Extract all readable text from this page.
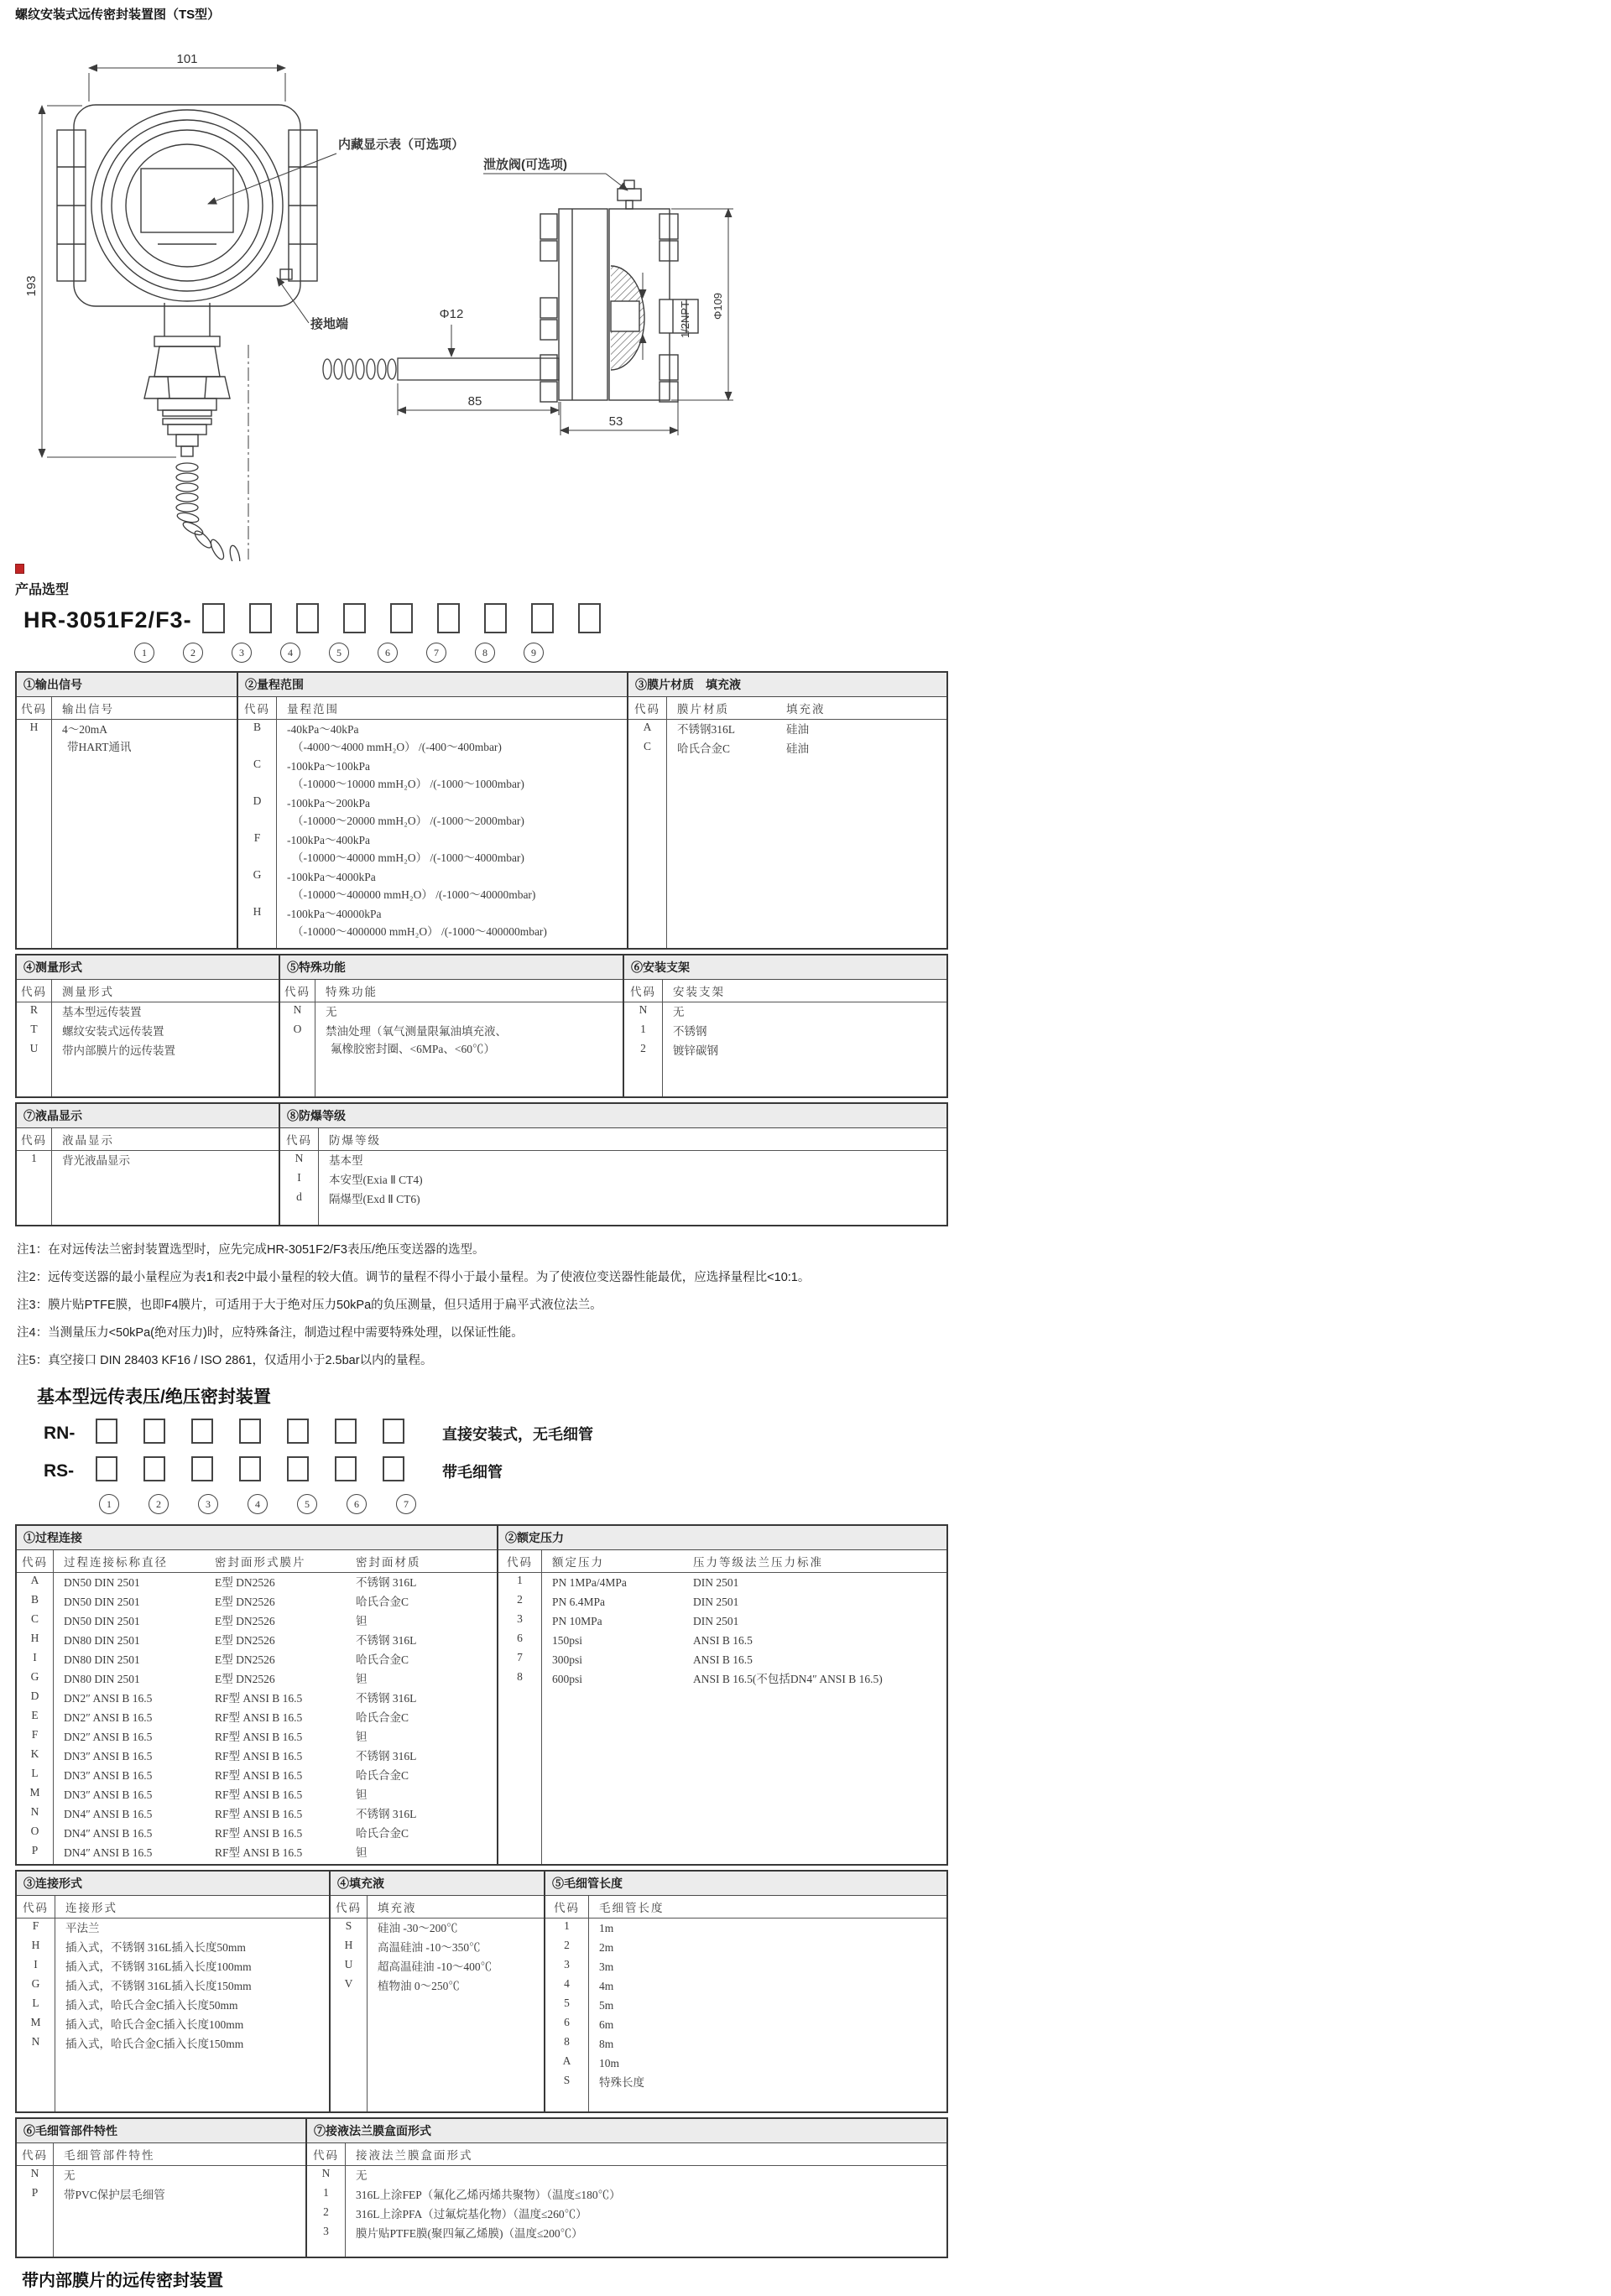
螺纹安装式远传密封装置图（TS型）
101
193
Φ12
85
1/2NPT Φ109
53
内藏显示表（可选项）
接地端
泄放阀(可选项)
产品选型
HR-3051F2/F3-
1	2	3	4	5	6	7	8	9
①输出信号
代码	输出信号
H	4～20mA
带HART通讯
②量程范围
代码	量程范围
B	-40kPa～40kPa
（-4000～4000 mmH₂O） /(-400～400mbar)
C	-100kPa～100kPa
（-10000～10000 mmH₂O） /(-1000～1000mbar)
D	-100kPa～200kPa
（-10000～20000 mmH₂O） /(-1000～2000mbar)
F	-100kPa～400kPa
（-10000～40000 mmH₂O） /(-1000～4000mbar)
G	-100kPa～4000kPa
（-10000～400000 mmH₂O） /(-1000～40000mbar)
H	-100kPa～40000kPa
（-10000～4000000 mmH₂O） /(-1000～400000mbar)
③膜片材质　填充液
代码	膜片材质	填充液
A	不锈钢316L	硅油
C	哈氏合金C	硅油
④测量形式
代码	测量形式
R	基本型远传装置
T	螺纹安装式远传装置
U	带内部膜片的远传装置
⑤特殊功能
代码	特殊功能
N	无
O	禁油处理（氧气测量限氟油填充液、
氟橡胶密封圈、<6MPa、<60℃）
⑥安装支架
代码	安装支架
N	无
1	不锈钢
2	镀锌碳钢
⑦液晶显示
代码	液晶显示
1	背光液晶显示
⑧防爆等级
代码	防爆等级
N	基本型
I	本安型(Exia Ⅱ CT4)
d	隔爆型(Exd Ⅱ CT6)
注1：在对远传法兰密封装置选型时，应先完成HR-3051F2/F3表压/绝压变送器的选型。
注2：远传变送器的最小量程应为表1和表2中最小量程的较大值。调节的量程不得小于最小量程。为了使液位变送器性能最优，应选择量程比<10:1。
注3：膜片贴PTFE膜，也即F4膜片，可适用于大于绝对压力50kPa的负压测量，但只适用于扁平式液位法兰。
注4：当测量压力<50kPa(绝对压力)时，应特殊备注，制造过程中需要特殊处理，以保证性能。
注5：真空接口 DIN 28403 KF16 / ISO 2861，仅适用小于2.5bar以内的量程。
基本型远传表压/绝压密封装置
RN-	直接安装式，无毛细管
RS-	带毛细管
1	2	3	4	5	6	7
①过程连接
代码	过程连接标称直径	密封面形式膜片	密封面材质
A	DN50 DIN 2501	E型 DN2526	不锈钢 316L
B	DN50 DIN 2501	E型 DN2526	哈氏合金C
C	DN50 DIN 2501	E型 DN2526	钽
H	DN80 DIN 2501	E型 DN2526	不锈钢 316L
I	DN80 DIN 2501	E型 DN2526	哈氏合金C
G	DN80 DIN 2501	E型 DN2526	钽
D	DN2″ ANSI B 16.5	RF型 ANSI B 16.5	不锈钢 316L
E	DN2″ ANSI B 16.5	RF型 ANSI B 16.5	哈氏合金C
F	DN2″ ANSI B 16.5	RF型 ANSI B 16.5	钽
K	DN3″ ANSI B 16.5	RF型 ANSI B 16.5	不锈钢 316L
L	DN3″ ANSI B 16.5	RF型 ANSI B 16.5	哈氏合金C
M	DN3″ ANSI B 16.5	RF型 ANSI B 16.5	钽
N	DN4″ ANSI B 16.5	RF型 ANSI B 16.5	不锈钢 316L
O	DN4″ ANSI B 16.5	RF型 ANSI B 16.5	哈氏合金C
P	DN4″ ANSI B 16.5	RF型 ANSI B 16.5	钽
②额定压力
代码	额定压力	压力等级法兰压力标准
1	PN 1MPa/4MPa	DIN 2501
2	PN 6.4MPa	DIN 2501
3	PN 10MPa	DIN 2501
6	150psi	ANSI B 16.5
7	300psi	ANSI B 16.5
8	600psi	ANSI B 16.5(不包括DN4″ ANSI B 16.5)
③连接形式
代码	连接形式
F	平法兰
H	插入式，不锈钢 316L插入长度50mm
I	插入式，不锈钢 316L插入长度100mm
G	插入式，不锈钢 316L插入长度150mm
L	插入式，哈氏合金C插入长度50mm
M	插入式，哈氏合金C插入长度100mm
N	插入式，哈氏合金C插入长度150mm
④填充液
代码	填充液
S	硅油 -30～200℃
H	高温硅油 -10～350℃
U	超高温硅油 -10～400℃
V	植物油 0～250℃
⑤毛细管长度
代码	毛细管长度
1	1m
2	2m
3	3m
4	4m
5	5m
6	6m
8	8m
A	10m
S	特殊长度
⑥毛细管部件特性
代码	毛细管部件特性
N	无
P	带PVC保护层毛细管
⑦接液法兰膜盒面形式
代码	接液法兰膜盒面形式
N	无
1	316L上涂FEP（氟化乙烯丙烯共聚物）（温度≤180℃）
2	316L上涂PFA（过氟烷基化物）（温度≤260℃）
3	膜片贴PTFE膜(聚四氟乙烯膜)（温度≤200℃）
带内部膜片的远传密封装置
